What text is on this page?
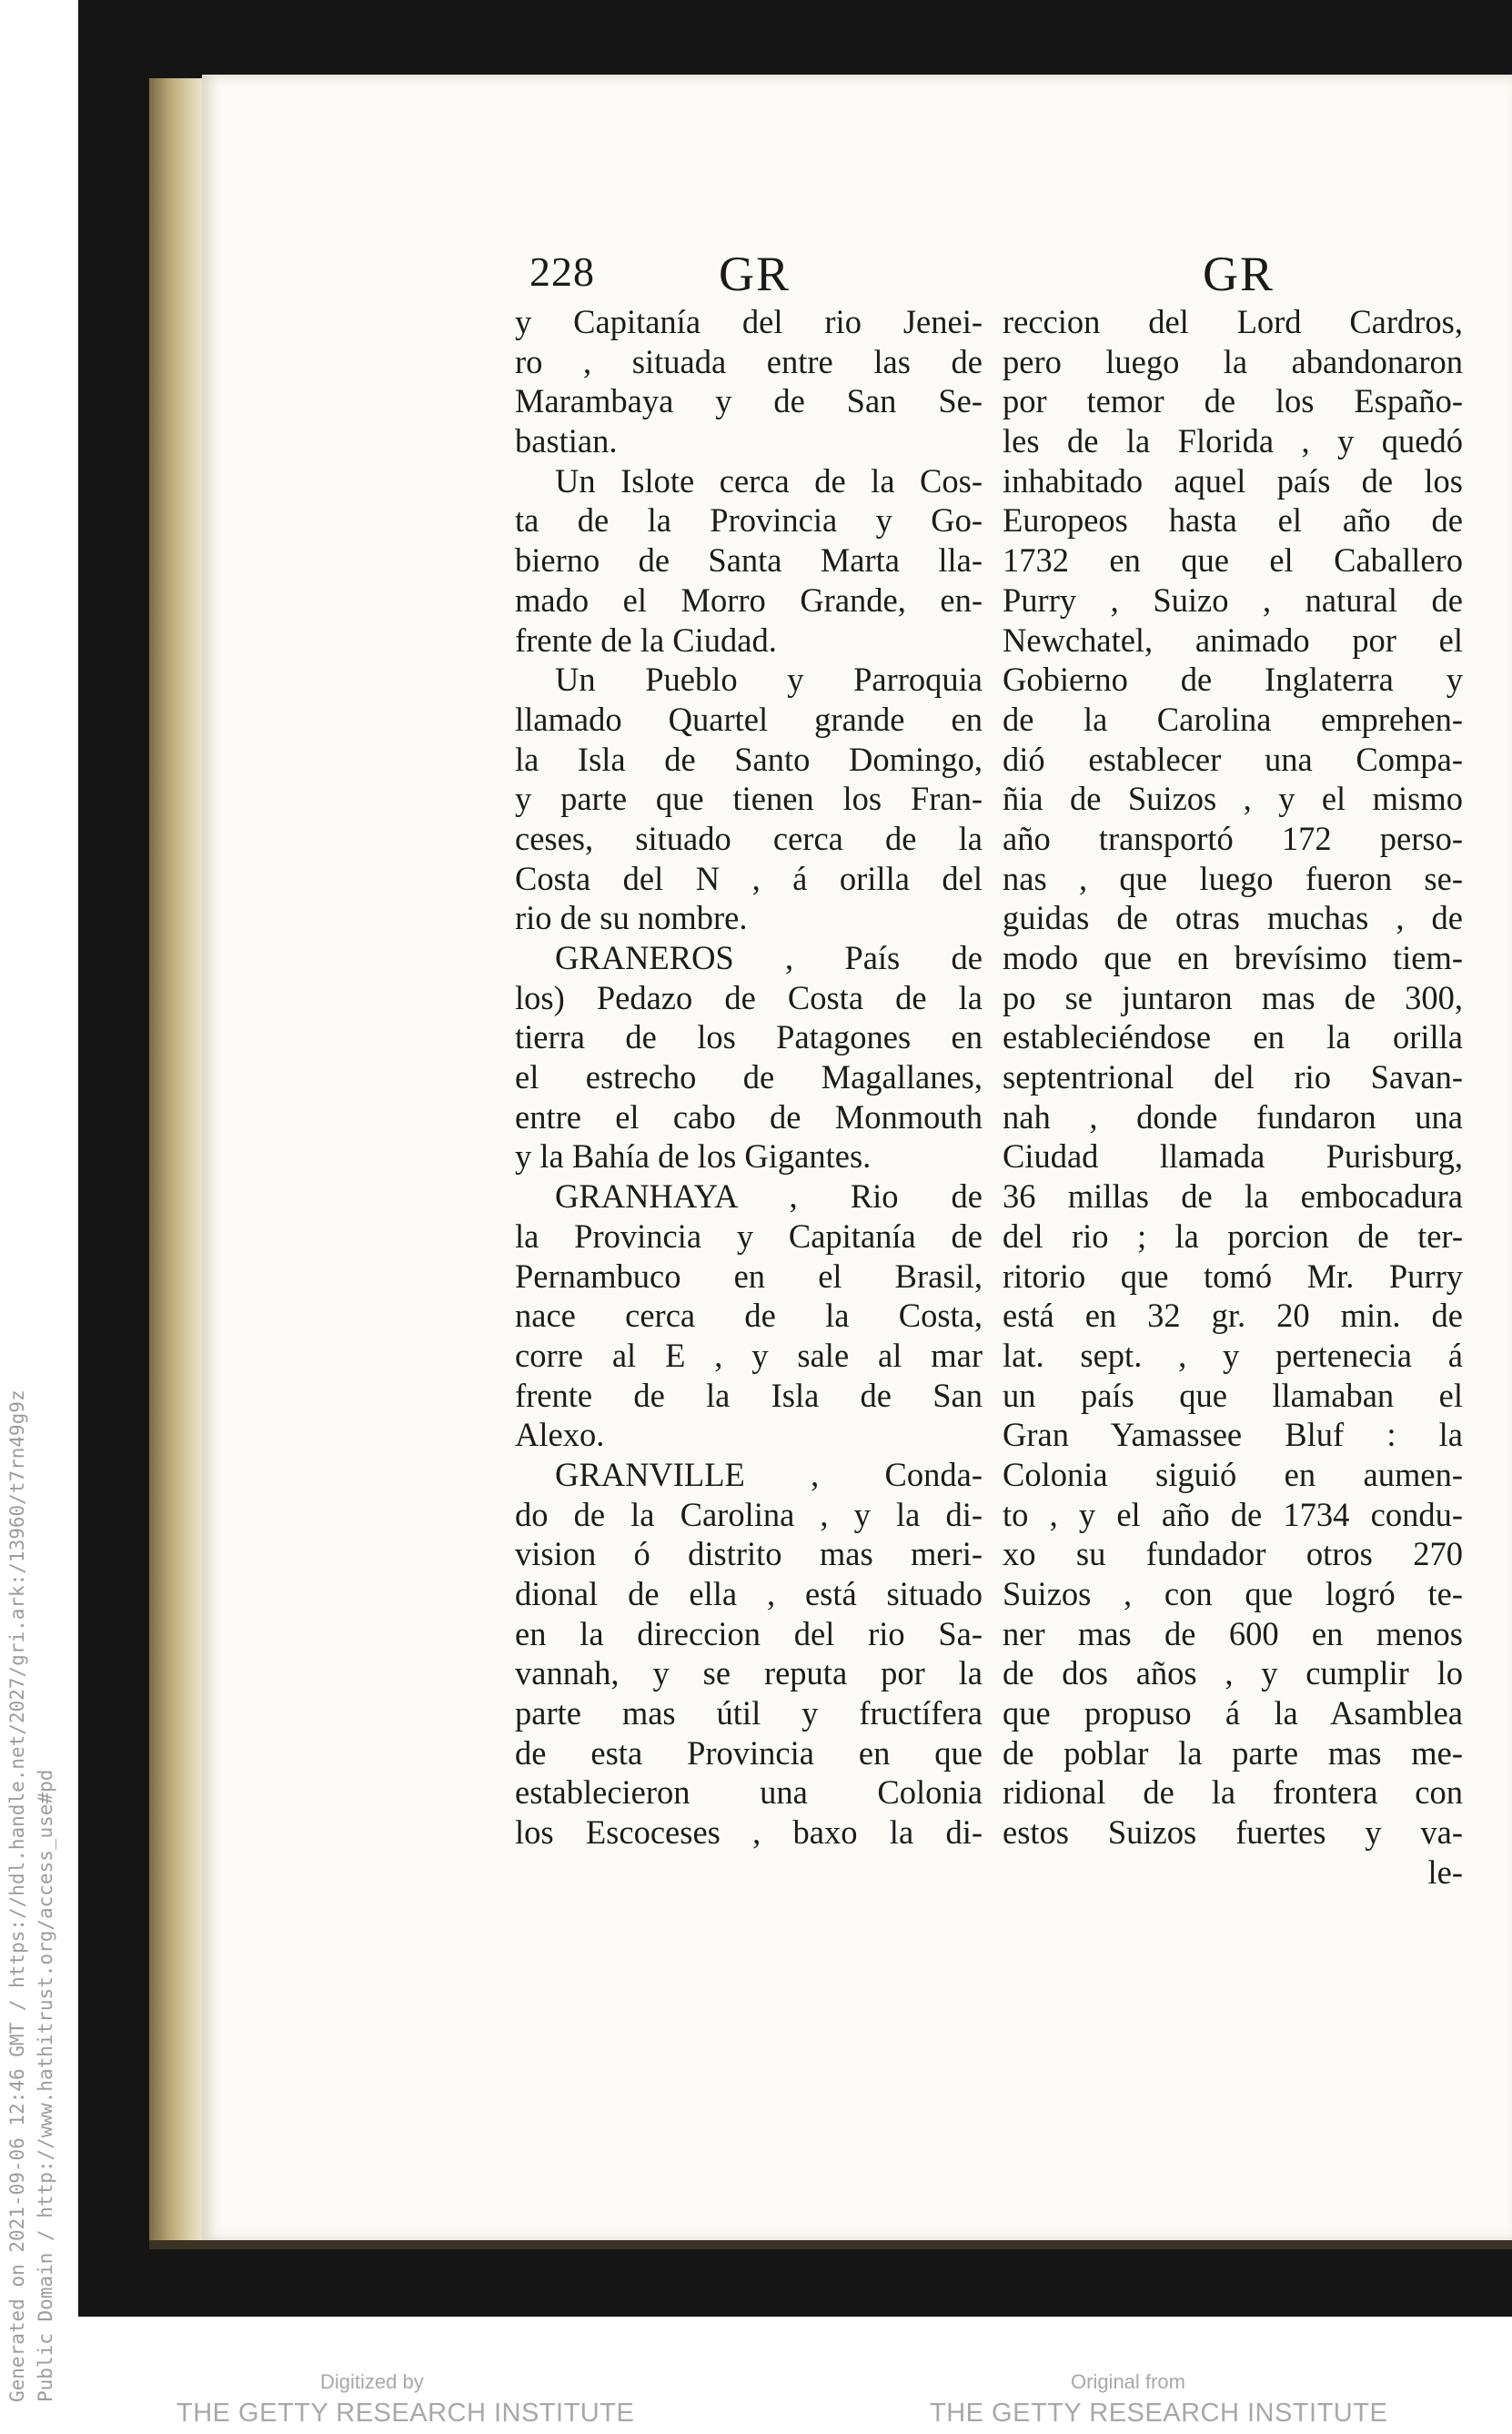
Generated on 2021-09-06 12:46 GMT / https://hdl.handle.net/2027/gri.ark:/13960/t7rn49g9z Public Domain / http://www.hathitrust.org/access_use#pd
228	GR	GR
y Capitanía del rio Jenei-
ro , situada entre las de
Marambaya y de San Se-
bastian.
Un Islote cerca de la Cos-
ta de la Provincia y Go-
bierno de Santa Marta lla-
mado el Morro Grande, en-
frente de la Ciudad.
Un Pueblo y Parroquia
llamado Quartel grande en
la Isla de Santo Domingo,
y parte que tienen los Fran-
ceses, situado cerca de la
Costa del N , á orilla del
rio de su nombre.
GRANEROS , País de
los) Pedazo de Costa de la
tierra de los Patagones en
el estrecho de Magallanes,
entre el cabo de Monmouth
y la Bahía de los Gigantes.
GRANHAYA , Rio de
la Provincia y Capitanía de
Pernambuco en el Brasil,
nace cerca de la Costa,
corre al E , y sale al mar
frente de la Isla de San
Alexo.
GRANVILLE , Conda-
do de la Carolina , y la di-
vision ó distrito mas meri-
dional de ella , está situado
en la direccion del rio Sa-
vannah, y se reputa por la
parte mas útil y fructífera
de esta Provincia en que
establecieron una Colonia
los Escoceses , baxo la di-
reccion del Lord Cardros,
pero luego la abandonaron
por temor de los Españo-
les de la Florida , y quedó
inhabitado aquel país de los
Europeos hasta el año de
1732 en que el Caballero
Purry , Suizo , natural de
Newchatel, animado por el
Gobierno de Inglaterra y
de la Carolina emprehen-
dió establecer una Compa-
ñia de Suizos , y el mismo
año transportó 172 perso-
nas , que luego fueron se-
guidas de otras muchas , de
modo que en brevísimo tiem-
po se juntaron mas de 300,
estableciéndose en la orilla
septentrional del rio Savan-
nah , donde fundaron una
Ciudad llamada Purisburg,
36 millas de la embocadura
del rio ; la porcion de ter-
ritorio que tomó Mr. Purry
está en 32 gr. 20 min. de
lat. sept. , y pertenecia á
un país que llamaban el
Gran Yamassee Bluf : la
Colonia siguió en aumen-
to , y el año de 1734 condu-
xo su fundador otros 270
Suizos , con que logró te-
ner mas de 600 en menos
de dos años , y cumplir lo
que propuso á la Asamblea
de poblar la parte mas me-
ridional de la frontera con
estos Suizos fuertes y va-
le-
Digitized by
THE GETTY RESEARCH INSTITUTE
Original from
THE GETTY RESEARCH INSTITUTE
